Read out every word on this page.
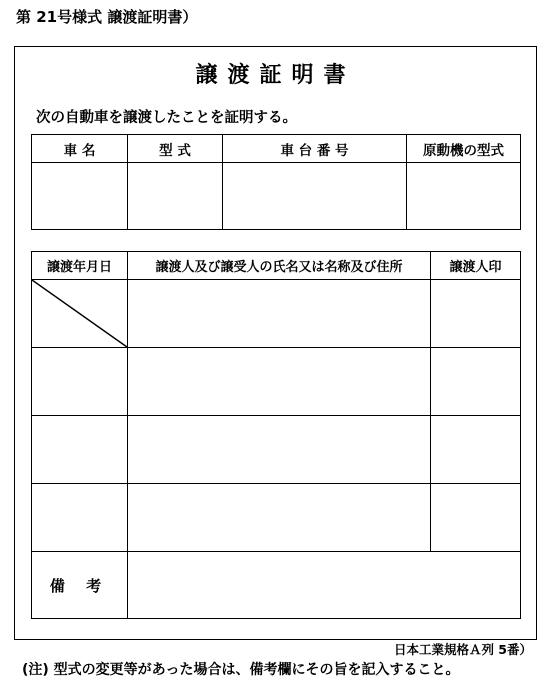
第 21号様式 譲渡証明書）
譲渡証明書
次の自動車を譲渡したことを証明する。
車 名	型 式	車 台 番 号	原動機の型式

譲渡年月日	譲渡人及び譲受人の氏名又は名称及び住所	譲渡人印

備 考		
日本工業規格Ａ列 5番）
(注) 型式の変更等があった場合は、備考欄にその旨を記入すること。
